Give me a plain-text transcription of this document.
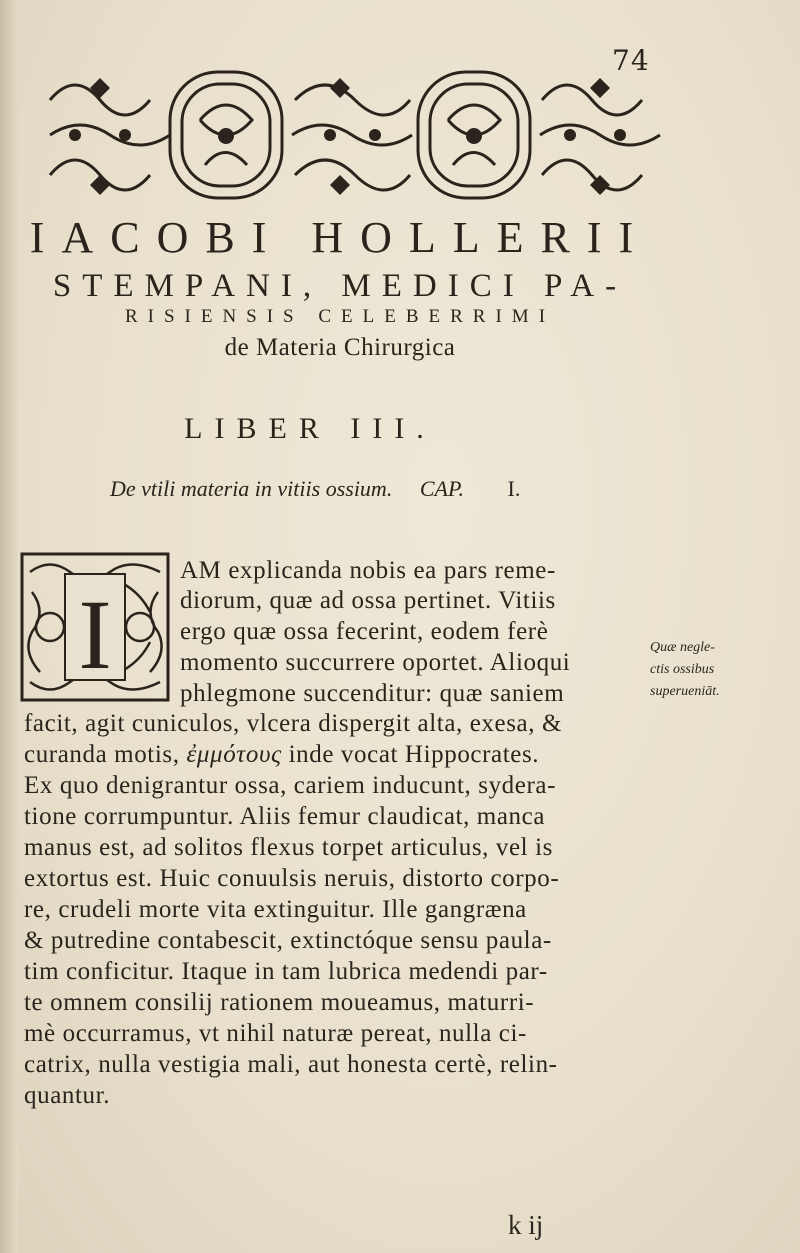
74
IACOBI HOLLERII
STEMPANI, MEDICI PA-
RISIENSIS CELEBERRIMI
de Materia Chirurgica
LIBER III.
De vtili materia in vitiis ossium. CAP. I.
I
AM explicanda nobis ea pars reme-
diorum, quæ ad ossa pertinet. Vitiis
ergo quæ ossa fecerint, eodem ferè
momento succurrere oportet. Alioqui
phlegmone succenditur: quæ saniem
facit, agit cuniculos, vlcera dispergit alta, exesa, &
curanda motis, ἐμμότους inde vocat Hippocrates.
Ex quo denigrantur ossa, cariem inducunt, sydera-
tione corrumpuntur. Aliis femur claudicat, manca
manus est, ad solitos flexus torpet articulus, vel is
extortus est. Huic conuulsis neruis, distorto corpo-
re, crudeli morte vita extinguitur. Ille gangræna
& putredine contabescit, extinctóque sensu paula-
tim conficitur. Itaque in tam lubrica medendi par-
te omnem consilij rationem moueamus, maturri-
mè occurramus, vt nihil naturæ pereat, nulla ci-
catrix, nulla vestigia mali, aut honesta certè, relin-
quantur.
Quæ negle-
ctis ossibus
superueniāt.
k ij
